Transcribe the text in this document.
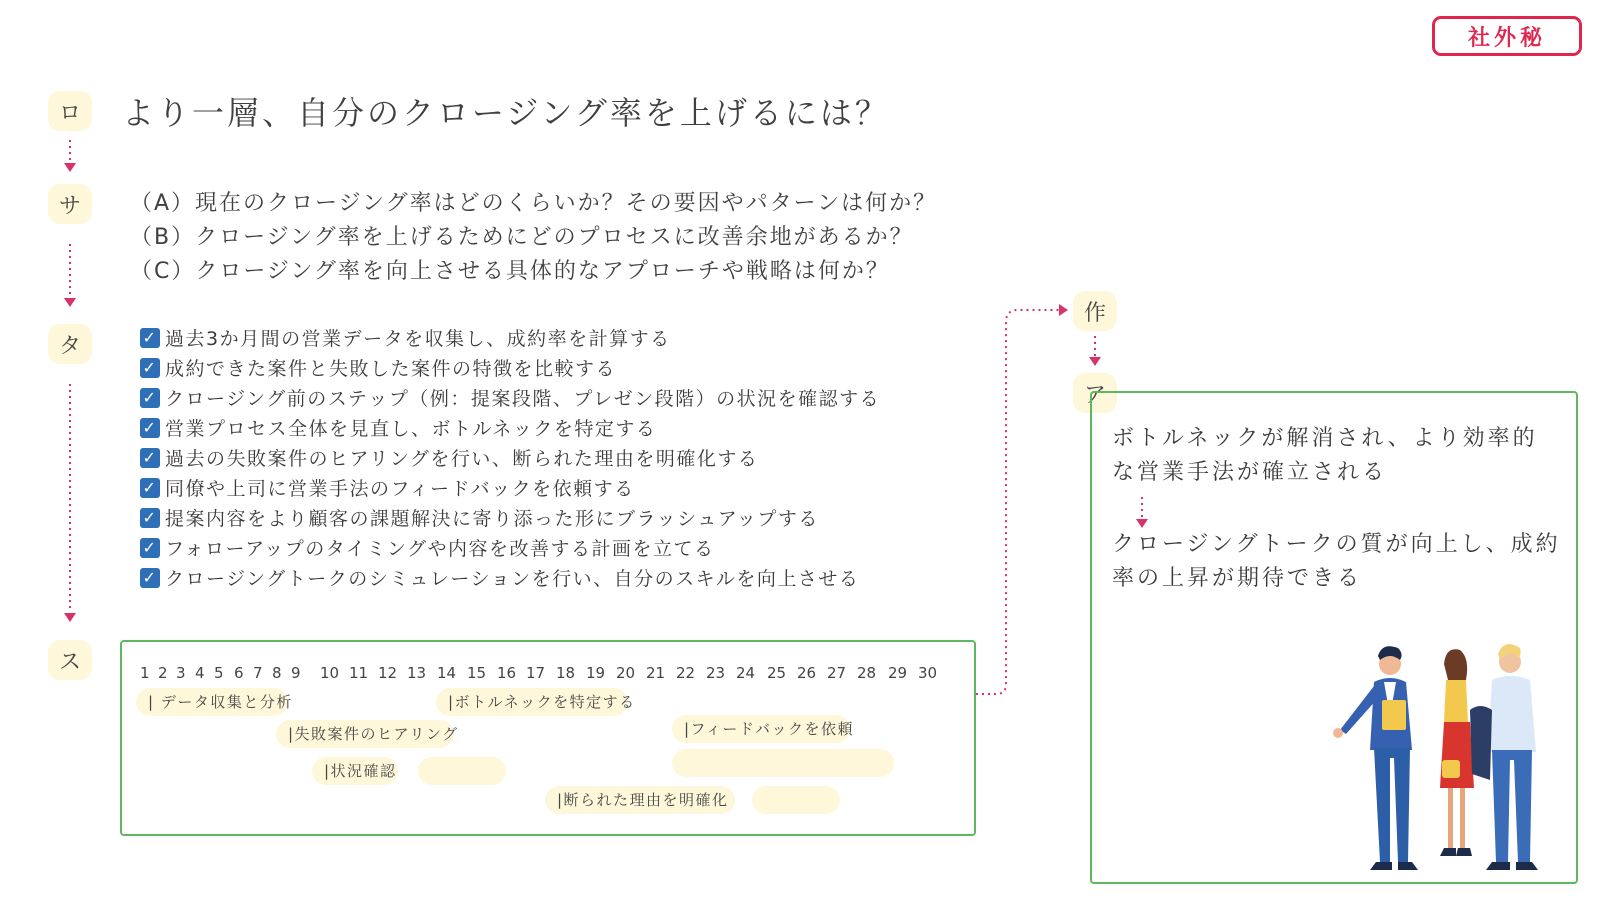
社外秘
ロ
サ
タ
ス
作
ア
より一層、自分のクロージング率を上げるには？
（A）現在のクロージング率はどのくらいか？その要因やパターンは何か？
（B）クロージング率を上げるためにどのプロセスに改善余地があるか？
（C）クロージング率を向上させる具体的なアプローチや戦略は何か？
✓ 過去3か月間の営業データを収集し、成約率を計算する
✓ 成約できた案件と失敗した案件の特徴を比較する
✓ クロージング前のステップ（例：提案段階、プレゼン段階）の状況を確認する
✓ 営業プロセス全体を見直し、ボトルネックを特定する
✓ 過去の失敗案件のヒアリングを行い、断られた理由を明確化する
✓ 同僚や上司に営業手法のフィードバックを依頼する
✓ 提案内容をより顧客の課題解決に寄り添った形にブラッシュアップする
✓ フォローアップのタイミングや内容を改善する計画を立てる
✓ クロージングトークのシミュレーションを行い、自分のスキルを向上させる
1 2 3 4 5 6 7 8 9 10 11 12 13 14 15 16 17 18 19 20 21 22 23 24 25 26 27 28 29 30
| データ収集と分析	|ボトルネックを特定する
|失敗案件のヒアリング	|フィードバックを依頼
|状況確認
|断られた理由を明確化
ボトルネックが解消され、より効率的な営業手法が確立される
クロージングトークの質が向上し、成約率の上昇が期待できる
